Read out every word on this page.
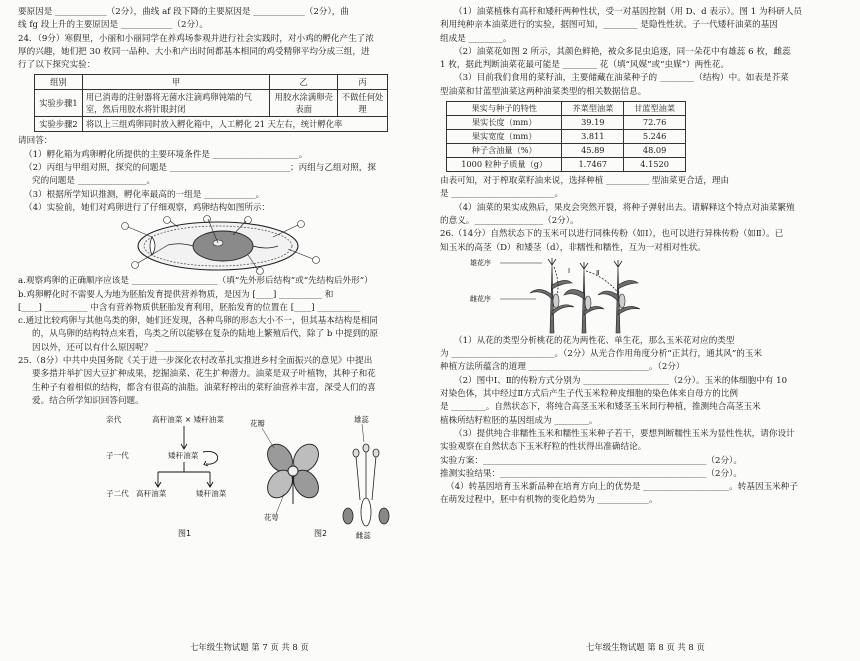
要原因是 ____________（2分），曲线 af 段下降的主要原因是 ____________（2分），曲

线 fg 段上升的主要原因是 ____________（2分）。

24．（9分）寒假里，小丽和小丽同学在养鸡场参观并进行社会实践时，对小鸡的孵化产生了浓

厚的兴趣，她们把 30 枚同一品种、大小和产出时间都基本相同的鸡受精卵平均分成三组，进

行了以下探究实验：

组别	甲	乙	丙
实验步骤1	用已消毒的注射器将无菌水注滴鸡卵钝端的气室，然后用胶水将针眼封闭	用胶水涂满卵壳表面	不做任何处理
实验步骤2	将以上三组鸡卵同时放入孵化箱中，人工孵化 21 天左右，统计孵化率		

请回答：

（1）孵化箱为鸡卵孵化所提供的主要环境条件是 ____________________。

（2）丙组与甲组对照，探究的问题是 ____________________________；丙组与乙组对照，探

究的问题是 ________________。

（3）根据所学知识推测，孵化率最高的一组是 ____________。

（4）实验前，她们对鸡卵进行了仔细观察，鸡卵结构如图所示：

a.观察鸡卵的正确顺序应该是 ____________________（填“先外形后结构”或“先结构后外形”）

b.鸡卵孵化时不需要人为地为胚胎发育提供营养物质，是因为 [____] __________ 和

[____] __________ 中含有营养物质供胚胎发育利用，胚胎发育的位置在 [____] __________

c.通过比较鸡卵与其他鸟类的卵，她们还发现，各种鸟卵的形态大小不一，但其基本结构是相同

的，从鸟卵的结构特点来看，鸟类之所以能够在复杂的陆地上繁殖后代，除了 b 中提到的原

因以外，还可以有什么原因呢？ ________________

25.（8分）中共中央国务院《关于进一步深化农村改革扎实推进乡村全面振兴的意见》中提出

要多措并举扩因大豆扩种成果，挖掘油菜、花生扩种潜力。油菜是双子叶植物，其种子和花

生种子有着相似的结构，都含有很高的油脂。油菜籽榨出的菜籽油营养丰富，深受人们的喜

爱。结合所学知识回答问题。

亲代	高秆油菜 × 矮秆油菜
子一代	矮秆油菜
子二代 高秆油菜	矮秆油菜
图1
花瓣	雄蕊
花萼
雌蕊
图2

（1）油菜植株有高秆和矮秆两种性状，受一对基因控制（用 D、d 表示）。图 1 为科研人员

利用纯种亲本油菜进行的实验，据图可知，________ 是隐性性状。子一代矮秆油菜的基因

组成是 ________。

（2）油菜花如图 2 所示，其颜色鲜艳，被众多昆虫追逐，同一朵花中有雄蕊 6 枚，雌蕊

1 枚，据此判断油菜花最可能是 ________ 花（填“风媒”或“虫媒”）两性花。

（3）目前我们食用的菜籽油，主要储藏在油菜种子的 ________（结构）中。如表是芥菜

型油菜和甘蓝型油菜这两种油菜类型的相关数据信息。

果实与种子的特性	芥菜型油菜	甘蓝型油菜
果实长度（mm）	39.19	72.76
果实宽度（mm）	3.811	5.246
种子含油量（%）	45.89	48.09
1000 粒种子质量（g）	1.7467	4.1520

由表可知，对于榨取菜籽油来说，选择种植 __________ 型油菜更合适，理由

是 ________________________。

（4）油菜的果实成熟后，果皮会突然开裂，将种子弹射出去。请解释这个特点对油菜繁殖

的意义。________________（2分）。

26.（14分）自然状态下的玉米可以进行同株传粉（如Ⅰ），也可以进行异株传粉（如Ⅱ）。已

知玉米的高茎（D）和矮茎（d），非糯性和糯性，互为一对相对性状。

雄花序
雌花序
Ⅰ	Ⅱ

（1）从花的类型分析桃花的花为两性花、单生花，那么玉米花对应的类型

为 ________________________。（2分）从光合作用角度分析“正其行，通其风”的玉米

种植方法所蕴含的道理 ____________________________。（2分）

（2）图中Ⅰ、Ⅱ的传粉方式分别为 ____________________（2分）。玉米的体细胞中有 10

对染色体，其中经过Ⅱ方式后产生子代玉米粒种皮细胞的染色体来自母方的比例

是 ________。自然状态下，将纯合高茎玉米和矮茎玉米间行种植，推测纯合高茎玉米

植株所结籽粒胚的基因组成为 ________。

（3）提供纯合非糯性玉米和糯性玉米种子若干，要想判断糯性玉米为显性性状，请你设计

实验观察在自然状态下玉米籽粒的性状得出准确结论。

实验方案：____________________________________________________（2分）。

推测实验结果：________________________________________________（2分）。

（4）转基因培育玉米新品种在培育方向上的优势是 ____________________。转基因玉米种子

在萌发过程中，胚中有机物的变化趋势为 ____________。

七年级生物试题 第 7 页 共 8 页	七年级生物试题 第 8 页 共 8 页
